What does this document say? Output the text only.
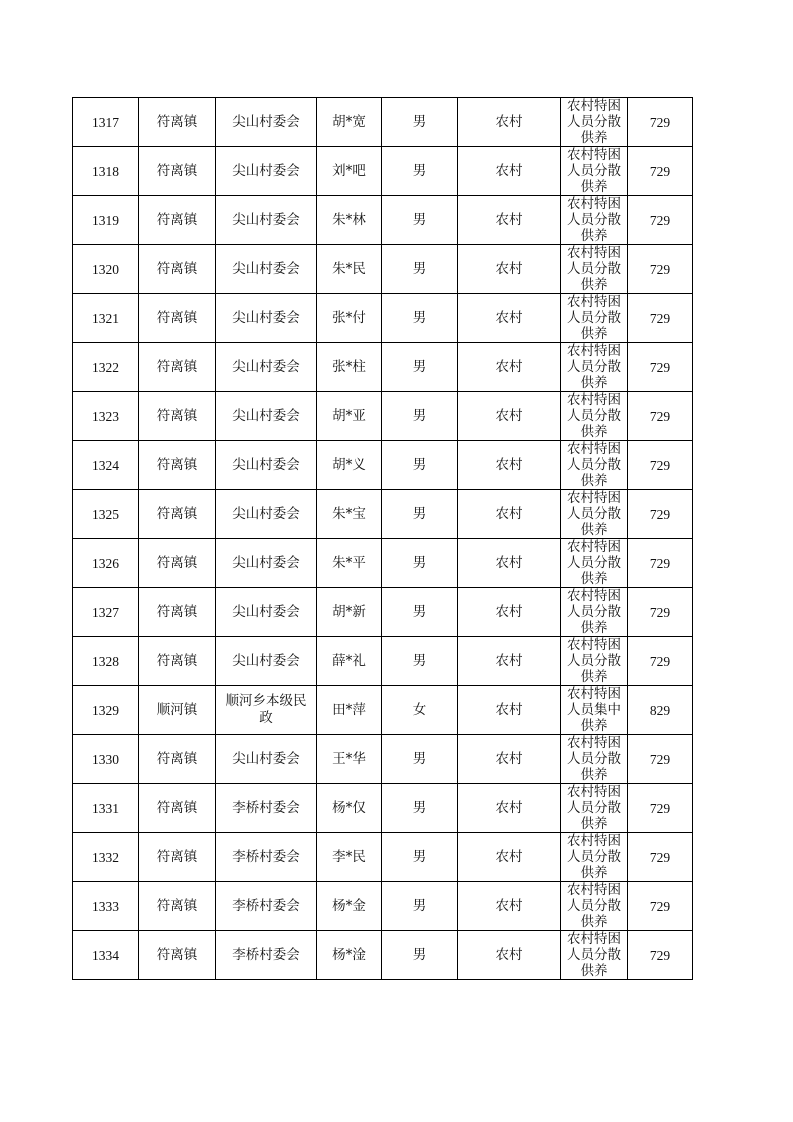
1317	符离镇	尖山村委会	胡*宽	男	农村	农村特困人员分散供养	729
1318	符离镇	尖山村委会	刘*吧	男	农村	农村特困人员分散供养	729
1319	符离镇	尖山村委会	朱*林	男	农村	农村特困人员分散供养	729
1320	符离镇	尖山村委会	朱*民	男	农村	农村特困人员分散供养	729
1321	符离镇	尖山村委会	张*付	男	农村	农村特困人员分散供养	729
1322	符离镇	尖山村委会	张*柱	男	农村	农村特困人员分散供养	729
1323	符离镇	尖山村委会	胡*亚	男	农村	农村特困人员分散供养	729
1324	符离镇	尖山村委会	胡*义	男	农村	农村特困人员分散供养	729
1325	符离镇	尖山村委会	朱*宝	男	农村	农村特困人员分散供养	729
1326	符离镇	尖山村委会	朱*平	男	农村	农村特困人员分散供养	729
1327	符离镇	尖山村委会	胡*新	男	农村	农村特困人员分散供养	729
1328	符离镇	尖山村委会	薛*礼	男	农村	农村特困人员分散供养	729
1329	顺河镇	顺河乡本级民政	田*萍	女	农村	农村特困人员集中供养	829
1330	符离镇	尖山村委会	王*华	男	农村	农村特困人员分散供养	729
1331	符离镇	李桥村委会	杨*仅	男	农村	农村特困人员分散供养	729
1332	符离镇	李桥村委会	李*民	男	农村	农村特困人员分散供养	729
1333	符离镇	李桥村委会	杨*金	男	农村	农村特困人员分散供养	729
1334	符离镇	李桥村委会	杨*淦	男	农村	农村特困人员分散供养	729
